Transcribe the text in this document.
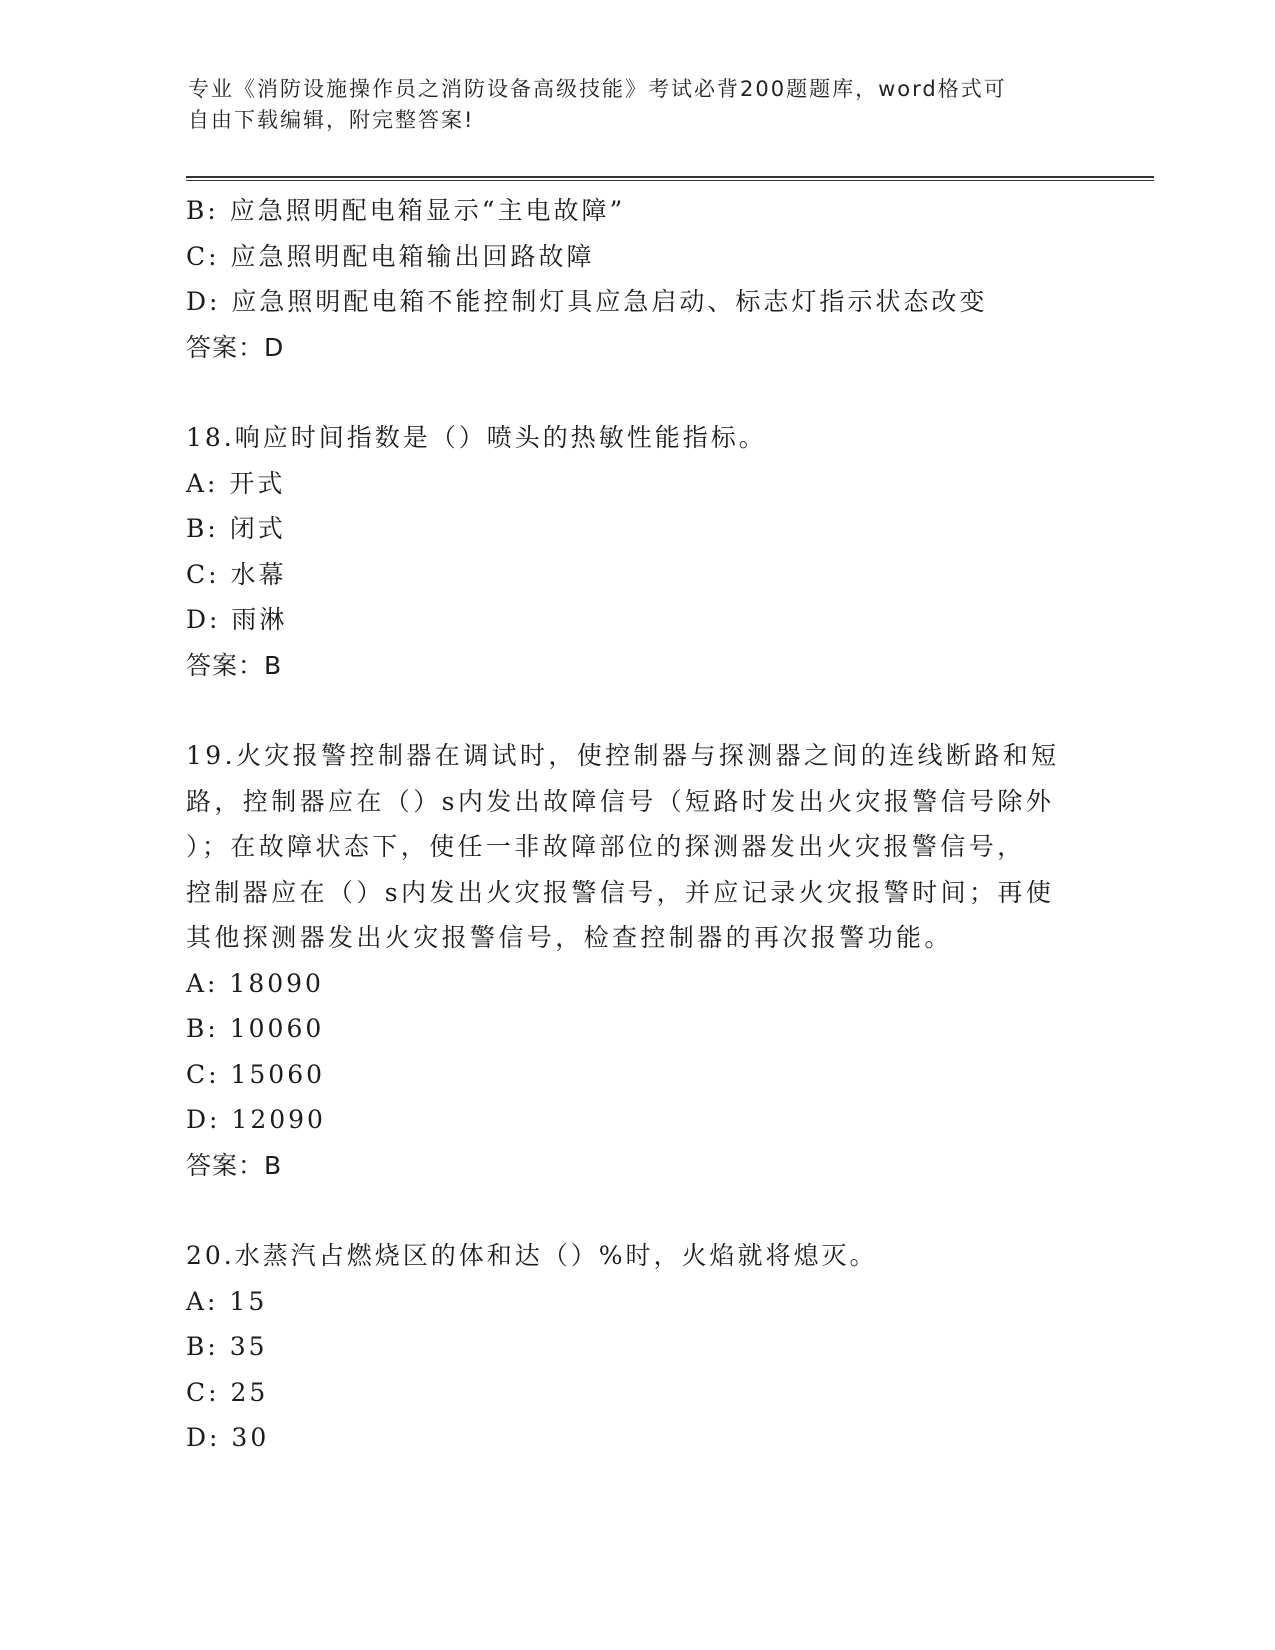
专业《消防设施操作员之消防设备高级技能》考试必背200题题库，word格式可
自由下载编辑，附完整答案!
B: 应急照明配电箱显示“主电故障”
C: 应急照明配电箱输出回路故障
D: 应急照明配电箱不能控制灯具应急启动、标志灯指示状态改变
答案：D
18.响应时间指数是（）喷头的热敏性能指标。
A: 开式
B: 闭式
C: 水幕
D: 雨淋
答案：B
19.火灾报警控制器在调试时，使控制器与探测器之间的连线断路和短
路，控制器应在（）s内发出故障信号（短路时发出火灾报警信号除外
）；在故障状态下，使任一非故障部位的探测器发出火灾报警信号，
控制器应在（）s内发出火灾报警信号，并应记录火灾报警时间；再使
其他探测器发出火灾报警信号，检查控制器的再次报警功能。
A: 18090
B: 10060
C: 15060
D: 12090
答案：B
20.水蒸汽占燃烧区的体和达（）%时，火焰就将熄灭。
A: 15
B: 35
C: 25
D: 30
